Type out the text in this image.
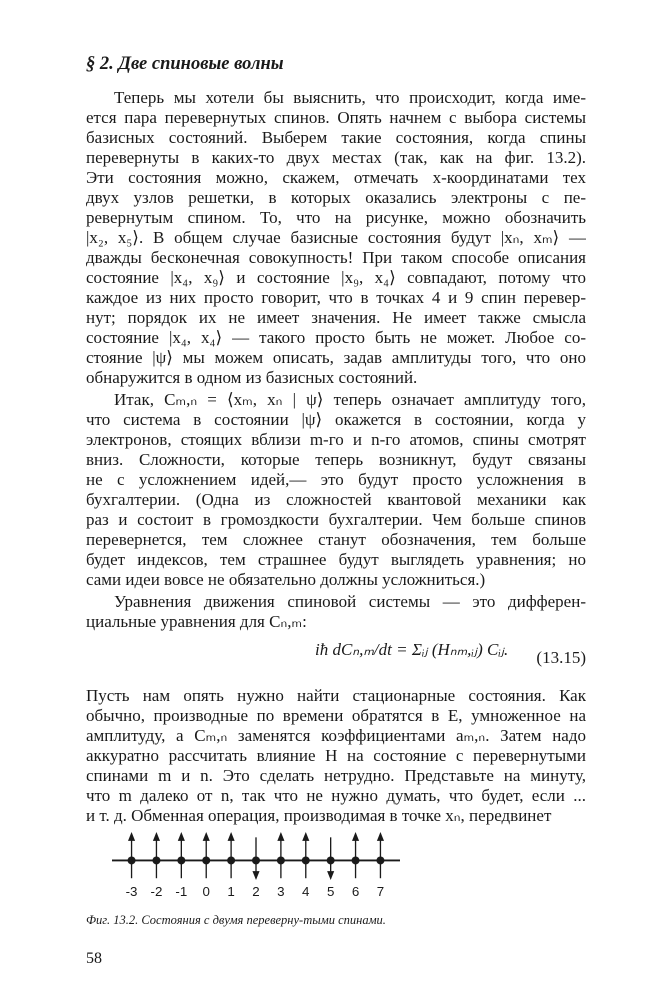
§ 2. Две спиновые волны
Теперь мы хотели бы выяснить, что происходит, когда име-
ется пара перевернутых спинов. Опять начнем с выбора системы
базисных состояний. Выберем такие состояния, когда спины
перевернуты в каких-то двух местах (так, как на фиг. 13.2).
Эти состояния можно, скажем, отмечать x-координатами тех
двух узлов решетки, в которых оказались электроны с пе-
ревернутым спином. То, что на рисунке, можно обозначить
|x₂, x₅⟩. В общем случае базисные состояния будут |xₙ, xₘ⟩ —
дважды бесконечная совокупность! При таком способе описания
состояние |x₄, x₉⟩ и состояние |x₉, x₄⟩ совпадают, потому что
каждое из них просто говорит, что в точках 4 и 9 спин перевер-
нут; порядок их не имеет значения. Не имеет также смысла
состояние |x₄, x₄⟩ — такого просто быть не может. Любое со-
стояние |ψ⟩ мы можем описать, задав амплитуды того, что оно
обнаружится в одном из базисных состояний.
Итак, Cₘ,ₙ = ⟨xₘ, xₙ | ψ⟩ теперь означает амплитуду того,
что система в состоянии |ψ⟩ окажется в состоянии, когда у
электронов, стоящих вблизи m-го и n-го атомов, спины смотрят
вниз. Сложности, которые теперь возникнут, будут связаны
не с усложнением идей,— это будут просто усложнения в
бухгалтерии. (Одна из сложностей квантовой механики как
раз и состоит в громоздкости бухгалтерии. Чем больше спинов
перевернется, тем сложнее станут обозначения, тем больше
будет индексов, тем страшнее будут выглядеть уравнения; но
сами идеи вовсе не обязательно должны усложниться.)
Уравнения движения спиновой системы — это дифферен-
циальные уравнения для Cₙ,ₘ:
iħ dCₙ,ₘ/dt = Σᵢⱼ (Hₙₘ,ᵢⱼ) Cᵢⱼ. (13.15)
Пусть нам опять нужно найти стационарные состояния. Как
обычно, производные по времени обратятся в E, умноженное на
амплитуду, а Cₘ,ₙ заменятся коэффициентами aₘ,ₙ. Затем надо
аккуратно рассчитать влияние H на состояние с перевернутыми
спинами m и n. Это сделать нетрудно. Представьте на минуту,
что m далеко от n, так что не нужно думать, что будет, если ...
и т. д. Обменная операция, производимая в точке xₙ, передвинет
-3 -2 -1 0 1 2 3 4 5 6 7
Фиг. 13.2. Состояния с двумя переверну-тыми спинами.
58
